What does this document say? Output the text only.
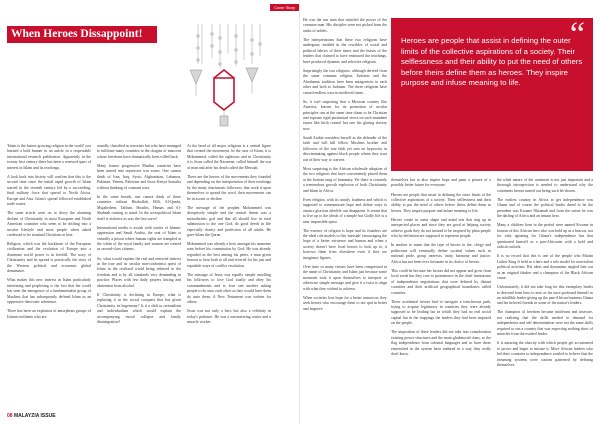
Cover Story
When Heroes Dissappoint!

'Islam is the fastest growing religion in the world' you learned a bold banner in an article in a respectable international research publication. Apparently in the twenty first century there has been a renewed spurt of interest in Islam and its teachings.

A look back into history will confirm that this is the second time since the initial rapid growth of Islam started in the seventh century led by a succeeding, final military force that spread to North Africa, Europe and Asia. Islam's spread followed established trade routes.

The same article went on to decry the alarming decline of Christianity in most European and North American countries who seem to be drifting into a secular lifestyle and most people when asked confessed to be nominal Christians at best.

Religion, which was the backbone of the European civilization and the evolution of Europe into a dominant world power is in freefall. The story of Christianity and its spread is practically the story of the Western political and economic global dominance.

What makes this new interest in Islam particularly interesting and perplexing is the fact that the world has seen the emergence of a fundamentalist group of Muslims that has subsequently defined Islam as an oppressive theocratic adventure.

There has been an explosion of amorphous groups of Islamic militants who are

roundly classified as terrorists but who have managed to infiltrate many countries to the chagrin of innocent whose freedoms have dramatically been rolled back.

Many former progressive Muslim countries have been turned into repressive war zones. One cannot think of Iran, Iraq, Syria, Afghanistan, Lebanon, Pakistan, Yemen, Palestine and those Kenya Somalia without thinking of constant wars.

In the same breath, one cannot think of these countries without Hezbollah, ISIS, Al-Qaeda, Mujahedeen, Taliban, Houthis, Hamas and Al-Shabaab coming to mind. In the sociopolitical Islam itself is violence as was the first wave!

International media is awash with stories of Islamic oppression and Saudi Arabia, the seat of Islam is virtually a prison where human rights are trampled at the whim of the royal family and women are treated as second-class citizens.

So, what would explain the real and renewed interest in the true and its secular non-conformist quest of Islam in the civilized world being tethered to the freedom and is by all standards very demanding in practice. Places with few daily prayers fasting and abstention from alcohol.

If Christianity is declining in Europe, what is replacing it in the social conquest that has given Christianity its hegemony? Is it a shift to rationalism and individualism which would explain the accompanying moral collapse and family disintegration?

At the head of all major religions is a central figure that created the movement. In the case of Islam, it is Mohammed, called the righteous and in Christianity it is Jesus called the Nazarene, called himself the son of man and after his death called the Messiah.

These are the heroes of the movements they founded and depending on the interpretation of their teachings by the many charismatic followers, that work it upon themselves to spread the word, their movements can be in ascent or decline.

The message of the prophet Mohammed was deceptively simple and the central theme was a monotheistic god and that all should live in total submission to the one God, do good deeds in life especially charity and perfection of all adults. He gave Islam the Quran.

Mohammed was already a hero amongst his immense sons before his commission by God. He was already regarded as the best among his peers, a man given honour to hear both to all and revered for his just and equitable ways of conflict resolution.

The message of Jesus was equally simple enrolling his followers to love God totally and obey his commandments and to love one another asking people to do unto each other as they would have them do unto them. A New Testament was written for others.

Jesus was not only a hero but also a celebrity in today's parlance. He was a mesmerizing orator and a miracle worker.

He was the son man that satisfied the power of the common man. His disciples were not picked from the ranks of nobles.

The interpretations that these two religions have undergone, molded in the crucibles of social and political fabrics of their times and the biases of the leaders that claimed to have embraced the teachings, have produced dynamic and selective religions.

Surprisingly the two religions, although derived from the same common religion, Judaism and the Abrahamic tradition have been antagonistic to each other and both to Judaism. The three religions have caused endless wars in medieval times.

So, it isn't surprising that a Mexican country like America, known for its promotion of secular principles can at the same time claim to be Christian and espouse rigid puritanical views on such mundane issues like birth control but one fits glaring slavery now.

Saudi Arabia considers herself as the defender of the faith and will kill fellow Muslims brother and followers of the true faith yet sees no hypocrisy in discriminating against black people whom they trust out of their way to convert.

Most surprising is the African wholesale adoption of the two religions that have conveniently placed them at the bottom rung of humanity. Yet there is certainly a tremendous growth explosion of both Christianity and Islam in Africa.

Even religion, with its unruly loudness and which is supposed to communicate hope and define ways to attain a glorious afterlife can disappoint. It seems that to live up to the ideals of a simple but Godly life is a near impossible quest.

The essence of religion is hope and its founders are the ideal role models to this 'messiah' encouraging the hope of a better existence and human and when a society doesn't have local heroes to look up to, it borrows them from elsewhere even if they are imaginary figures.

Over time so many virtues have been compressed in the name of Christianity and Islam just because some moments took it upon themselves to interpret or otherwise simple message and give it a twist to align with what they wished to achieve.

When societies lose hope for a better tomorrow, they seek heroes who encourage them to not quit in better and improve

“
Heroes are people that assist in defining the outer limits of the collective aspirations of a society. Their selflessness and their ability to put the need of others before theirs define them as heroes. They inspire purpose and infuse meaning to life.

themselves but to also inspire hope and paint a picture of a possibly better future for everyone.

Heroes are people that assist in defining the outer limits of the collective aspirations of a society. Their selflessness and their ability to put the need of others before theirs define them as heroes. They inspire purpose and infuse meaning to life.

Heroes create in some shape and mind sets that ring up in unexpected places and since they are good at helping society achieve goals they do not instead to be inspired by plain people who by definition are supposed to represent people.

In another to mean that the type of heroes in the, clergy and politicians will eventually define societal values such as national pride, group interests, unity, harmony and justice. Africa has not been ever fortunate in its choice of heroes.

This could be because her heroes did not appear and grow from local seeds but they rose to prominence in the chief institutions of independence negotiations that were defined by distant countries and their artificial geographical boundaries called countries.

These accidental heroes had to navigate a treacherous path, trying to acquire legitimacy in countries they were already supposed to be leading but in which they had no real social capital but in the trappings the leaders they had been imposed on the people.

The imposition of these leaders did not take into consideration existing power structures and the main gladiatorial clans, so the flag independence from colonial languages and so have those entrenched in the system have endured in a way they really don't know.

the tribal nature of the continent is not just important and a thorough introspection is needed to understand why the continents heroes turned out being such let-downs.

The earliest country in Africa to get independence was Ghana and of course the political leader dared to be the president was Kwame Nkrumah and from the outset he was the darling of Africa and an instant hero.

Many a children born in the period were named Kwame in honour of this African hero who was held up as a beacon, not for only agitating for Ghana's independence but that questioned himself as a pan-Africanist with a bold and radical outlook.

It is no record that this is one of the people who Martin Luther King Jr held as a hero and a role model for nonviolent political activism. His ideas and dynamism singled him out as an original thinker and a champion of the Black African cause.

Unfortunately, it did not take long for this exemplary leader to descend from hero to zero as his once profound himself as an infallible leader giving up the pan-African business Ghana and his beloved friends in some of the nation's leaders.

The champion of freedom became intolerant and insecure, not realizing that the skills needed to demand for independence and self determination were not the same skills required to run a country that was expecting nothing short of miracles from the exalted leader.

It is amazing the alacrity with which people get accustomed to power and begin to misuse it. More African leaders who led their countries to independence availed to believe that the trimming systems were custom patterned by defining themselves.

08 MALAYZIA ISSUE
